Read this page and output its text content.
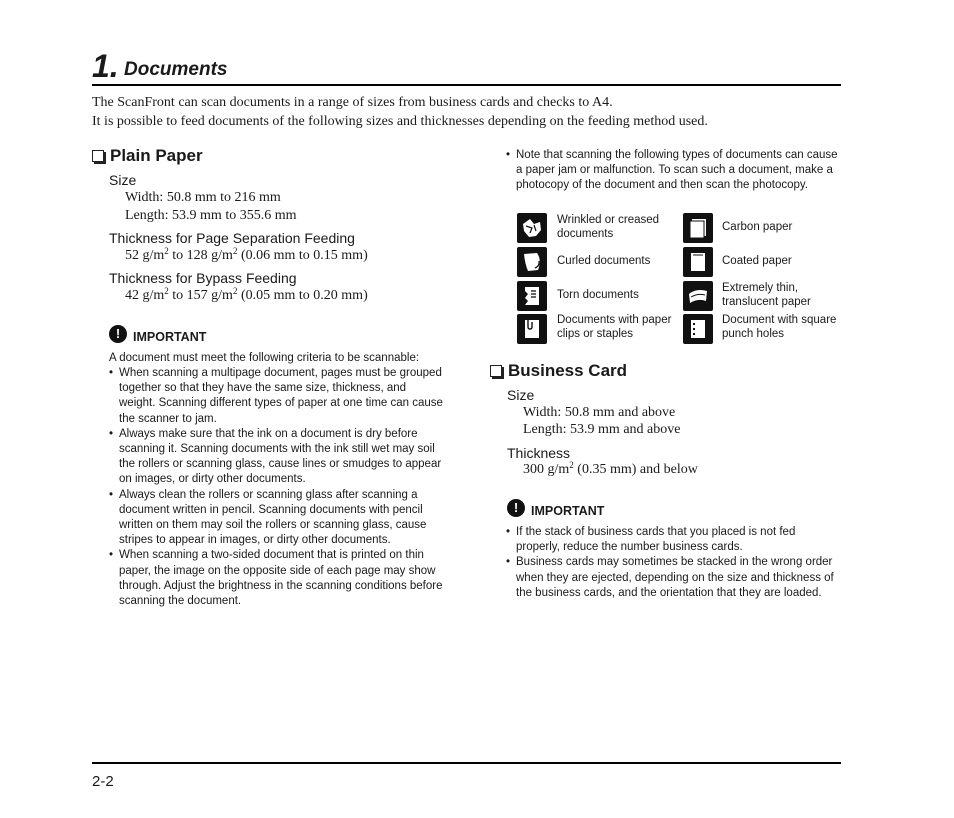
1. Documents
The ScanFront can scan documents in a range of sizes from business cards and checks to A4.
It is possible to feed documents of the following sizes and thicknesses depending on the feeding method used.
Plain Paper
Size
Width: 50.8 mm to 216 mm
Length: 53.9 mm to 355.6 mm
Thickness for Page Separation Feeding
52 $g/m^2$ to 128 $g/m^2$ (0.06 mm to 0.15 mm)
Thickness for Bypass Feeding
42 $g/m^2$ to 157 $g/m^2$ (0.05 mm to 0.20 mm)
!	IMPORTANT
A document must meet the following criteria to be scannable:
• When scanning a multipage document, pages must be grouped together so that they have the same size, thickness, and weight. Scanning different types of paper at one time can cause the scanner to jam.
• Always make sure that the ink on a document is dry before scanning it. Scanning documents with the ink still wet may soil the rollers or scanning glass, cause lines or smudges to appear on images, or dirty other documents.
• Always clean the rollers or scanning glass after scanning a document written in pencil. Scanning documents with pencil written on them may soil the rollers or scanning glass, cause stripes to appear in images, or dirty other documents.
• When scanning a two-sided document that is printed on thin paper, the image on the opposite side of each page may show through. Adjust the brightness in the scanning conditions before scanning the document.
• Note that scanning the following types of documents can cause a paper jam or malfunction. To scan such a document, make a photocopy of the document and then scan the photocopy.
Wrinkled or creased documents
Curled documents
Torn documents
Documents with paper clips or staples
Carbon paper
Coated paper
Extremely thin, translucent paper
Document with square punch holes
Business Card
Size
Width: 50.8 mm and above
Length: 53.9 mm and above
Thickness
300 $g/m^2$ (0.35 mm) and below
!	IMPORTANT
• If the stack of business cards that you placed is not fed properly, reduce the number business cards.
• Business cards may sometimes be stacked in the wrong order when they are ejected, depending on the size and thickness of the business cards, and the orientation that they are loaded.
2-2
